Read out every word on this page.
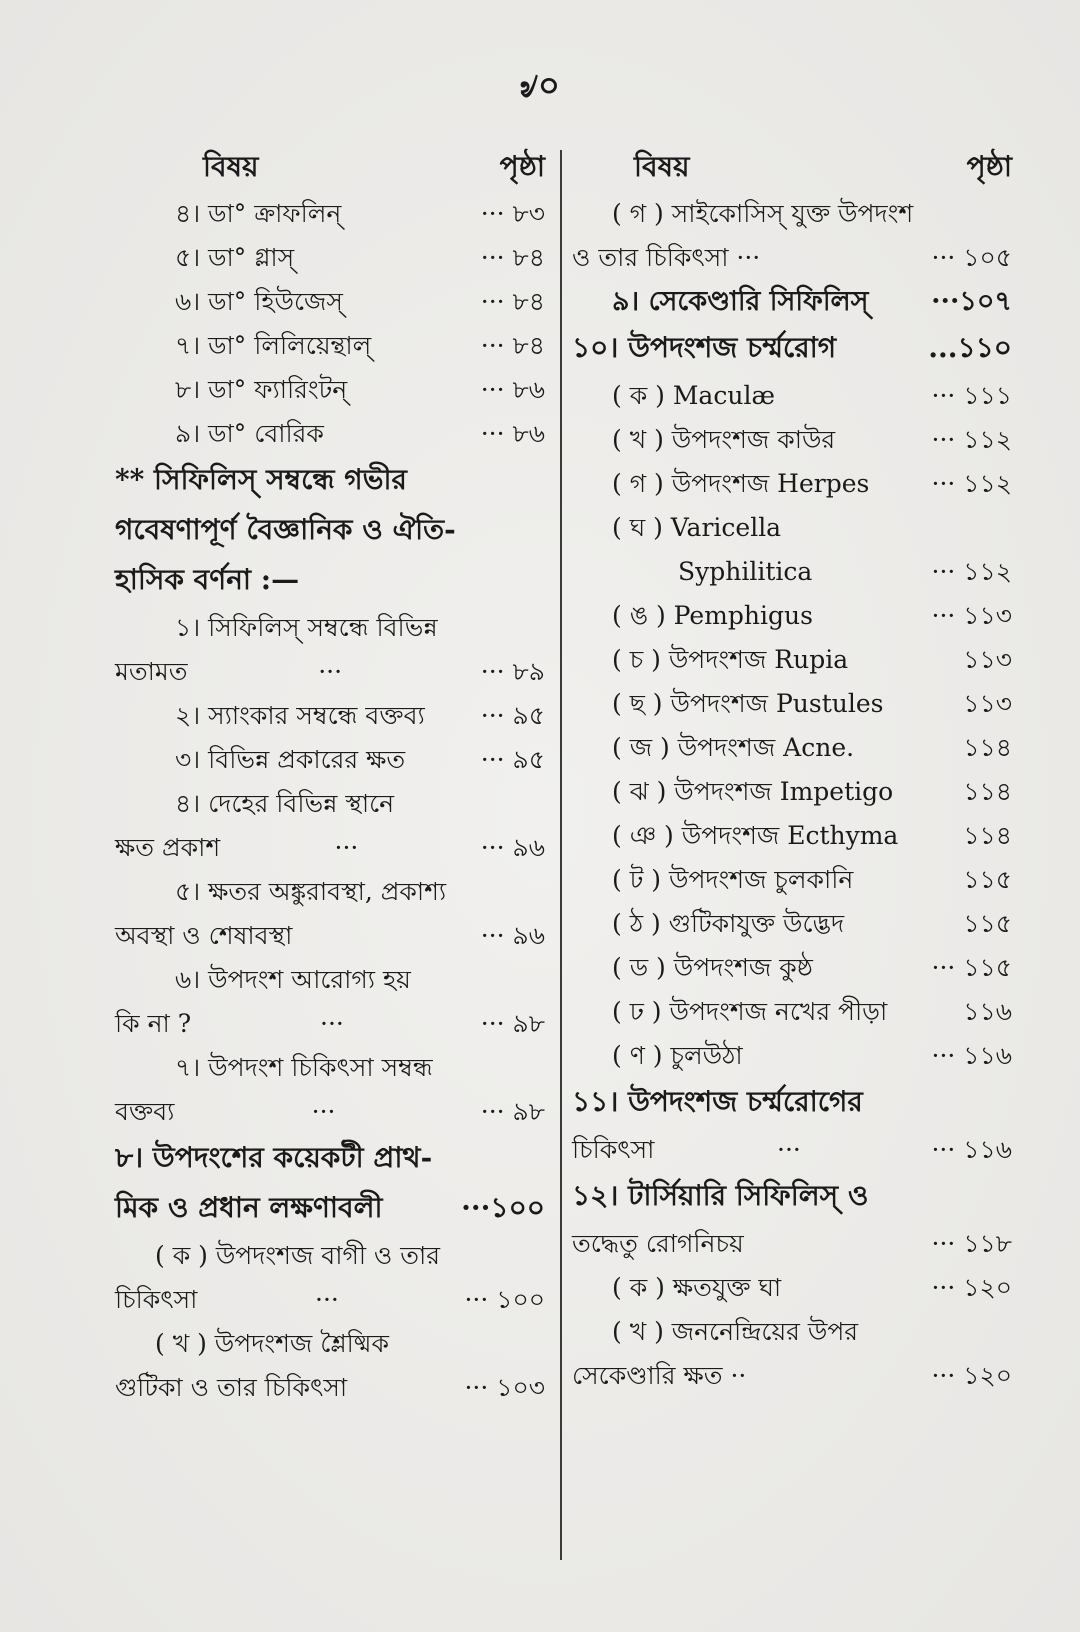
৶০
বিষয়	পৃষ্ঠা
৪। ডা° ক্রাফলিন্	··· ৮৩
৫। ডা° গ্লাস্	··· ৮৪
৬। ডা° হিউজেস্	··· ৮৪
৭। ডা° লিলিয়েন্থাল্	··· ৮৪
৮। ডা° ফ্যারিংটন্	··· ৮৬
৯। ডা° বোরিক	··· ৮৬
** সিফিলিস্ সম্বন্ধে গভীর
গবেষণাপূর্ণ বৈজ্ঞানিক ও ঐতি-
হাসিক বর্ণনা :—
১। সিফিলিস্ সম্বন্ধে বিভিন্ন
মতামত	···	··· ৮৯
২। স্যাংকার সম্বন্ধে বক্তব্য ··· ৯৫
৩। বিভিন্ন প্রকারের ক্ষত	··· ৯৫
৪। দেহের বিভিন্ন স্থানে
ক্ষত প্রকাশ	···	··· ৯৬
৫। ক্ষতর অঙ্কুরাবস্থা, প্রকাশ্য
অবস্থা ও শেষাবস্থা	··· ৯৬
৬। উপদংশ আরোগ্য হয়
কি না ?	···	··· ৯৮
৭। উপদংশ চিকিৎসা সম্বন্ধ
বক্তব্য	···	··· ৯৮
৮। উপদংশের কয়েকটী প্রাথ-
মিক ও প্রধান লক্ষণাবলী	···১০০
( ক ) উপদংশজ বাগী ও তার
চিকিৎসা	···	··· ১০০
( খ ) উপদংশজ শ্লৈষ্মিক
গুটিকা ও তার চিকিৎসা	··· ১০৩
বিষয়	পৃষ্ঠা
( গ ) সাইকোসিস্ যুক্ত উপদংশ
ও তার চিকিৎসা ···	··· ১০৫
৯। সেকেণ্ডারি সিফিলিস্ ···১০৭
১০। উপদংশজ চর্ম্মরোগ	...১১০
( ক ) Maculæ	··· ১১১
( খ ) উপদংশজ কাউর	··· ১১২
( গ ) উপদংশজ Herpes ··· ১১২
( ঘ ) Varicella
Syphilitica	··· ১১২
( ঙ ) Pemphigus	··· ১১৩
( চ ) উপদংশজ Rupia	১১৩
( ছ ) উপদংশজ Pustules	১১৩
( জ ) উপদংশজ Acne.	১১৪
( ঝ ) উপদংশজ Impetigo	১১৪
( ঞ ) উপদংশজ Ecthyma	১১৪
( ট ) উপদংশজ চুলকানি	১১৫
( ঠ ) গুটিকাযুক্ত উদ্ভেদ	১১৫
( ড ) উপদংশজ কুষ্ঠ	··· ১১৫
( ঢ ) উপদংশজ নখের পীড়া	১১৬
( ণ ) চুলউঠা	··· ১১৬
১১। উপদংশজ চর্ম্মরোগের
চিকিৎসা	···	··· ১১৬
১২। টার্সিয়ারি সিফিলিস্ ও
তদ্ধেতু রোগনিচয়	··· ১১৮
( ক ) ক্ষতযুক্ত ঘা	··· ১২০
( খ ) জননেন্দ্রিয়ের উপর
সেকেণ্ডারি ক্ষত ··	··· ১২০
